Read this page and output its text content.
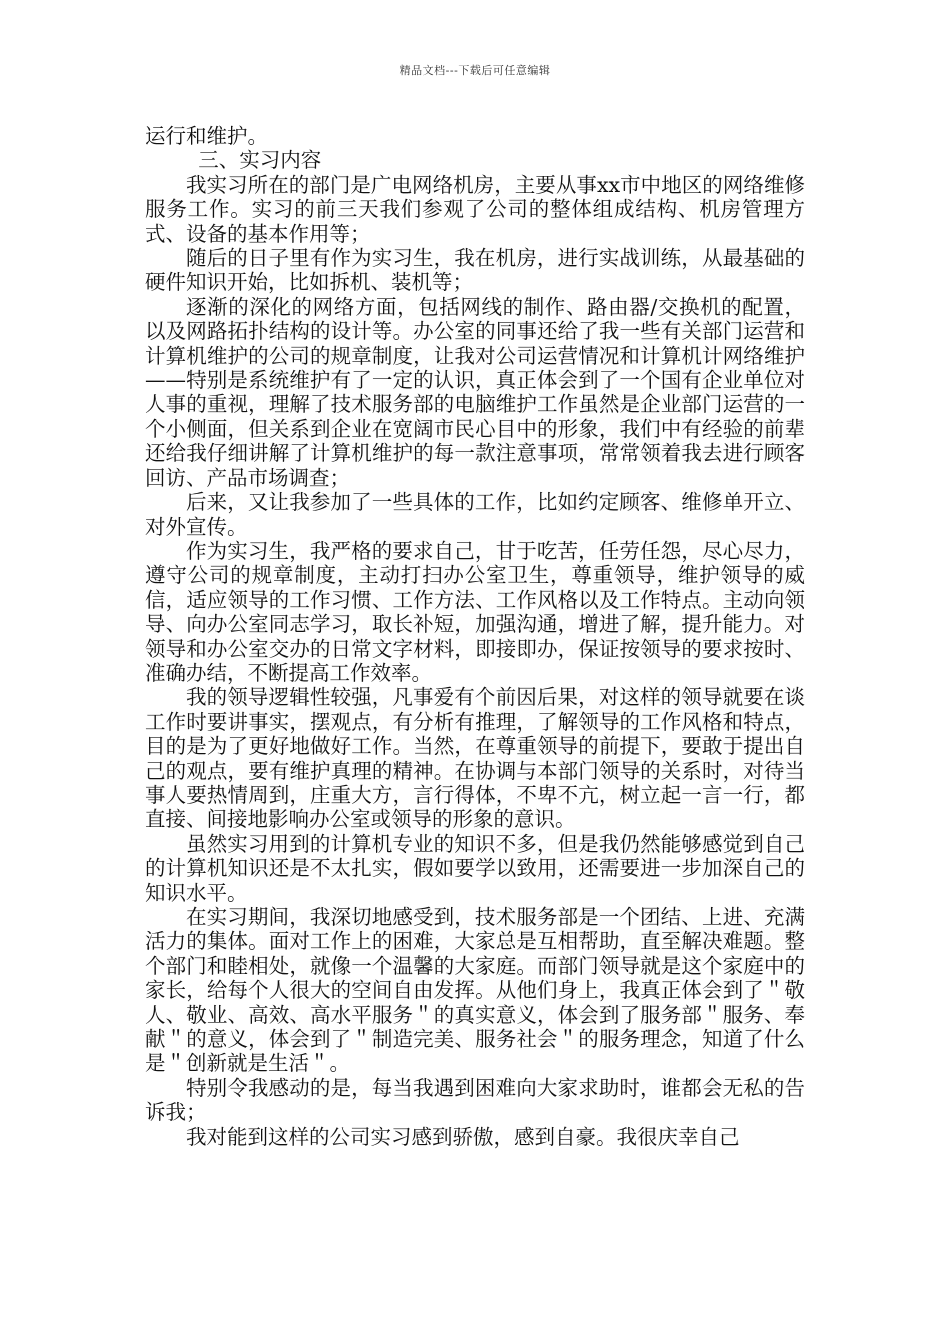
精品文档---下载后可任意编辑

运行和维护。

三、实习内容

我实习所在的部门是广电网络机房，主要从事xx市中地区的网络维修服务工作。实习的前三天我们参观了公司的整体组成结构、机房管理方式、设备的基本作用等；

随后的日子里有作为实习生，我在机房，进行实战训练，从最基础的硬件知识开始，比如拆机、装机等；

逐渐的深化的网络方面，包括网线的制作、路由器/交换机的配置，以及网路拓扑结构的设计等。办公室的同事还给了我一些有关部门运营和计算机维护的公司的规章制度，让我对公司运营情况和计算机计网络维护——特别是系统维护有了一定的认识，真正体会到了一个国有企业单位对人事的重视，理解了技术服务部的电脑维护工作虽然是企业部门运营的一个小侧面，但关系到企业在宽阔市民心目中的形象，我们中有经验的前辈还给我仔细讲解了计算机维护的每一款注意事项，常常领着我去进行顾客回访、产品市场调查；

后来，又让我参加了一些具体的工作，比如约定顾客、维修单开立、对外宣传。

作为实习生，我严格的要求自己，甘于吃苦，任劳任怨，尽心尽力，遵守公司的规章制度，主动打扫办公室卫生，尊重领导，维护领导的威信，适应领导的工作习惯、工作方法、工作风格以及工作特点。主动向领导、向办公室同志学习，取长补短，加强沟通，增进了解，提升能力。对领导和办公室交办的日常文字材料，即接即办，保证按领导的要求按时、准确办结，不断提高工作效率。

我的领导逻辑性较强，凡事爱有个前因后果，对这样的领导就要在谈工作时要讲事实，摆观点，有分析有推理，了解领导的工作风格和特点，目的是为了更好地做好工作。当然，在尊重领导的前提下，要敢于提出自己的观点，要有维护真理的精神。在协调与本部门领导的关系时，对待当事人要热情周到，庄重大方，言行得体，不卑不亢，树立起一言一行，都直接、间接地影响办公室或领导的形象的意识。

虽然实习用到的计算机专业的知识不多，但是我仍然能够感觉到自己的计算机知识还是不太扎实，假如要学以致用，还需要进一步加深自己的知识水平。

在实习期间，我深切地感受到，技术服务部是一个团结、上进、充满活力的集体。面对工作上的困难，大家总是互相帮助，直至解决难题。整个部门和睦相处，就像一个温馨的大家庭。而部门领导就是这个家庭中的家长，给每个人很大的空间自由发挥。从他们身上，我真正体会到了＂敬人、敬业、高效、高水平服务＂的真实意义，体会到了服务部＂服务、奉献＂的意义，体会到了＂制造完美、服务社会＂的服务理念，知道了什么是＂创新就是生活＂。

特别令我感动的是，每当我遇到困难向大家求助时，谁都会无私的告诉我；

我对能到这样的公司实习感到骄傲，感到自豪。我很庆幸自己
